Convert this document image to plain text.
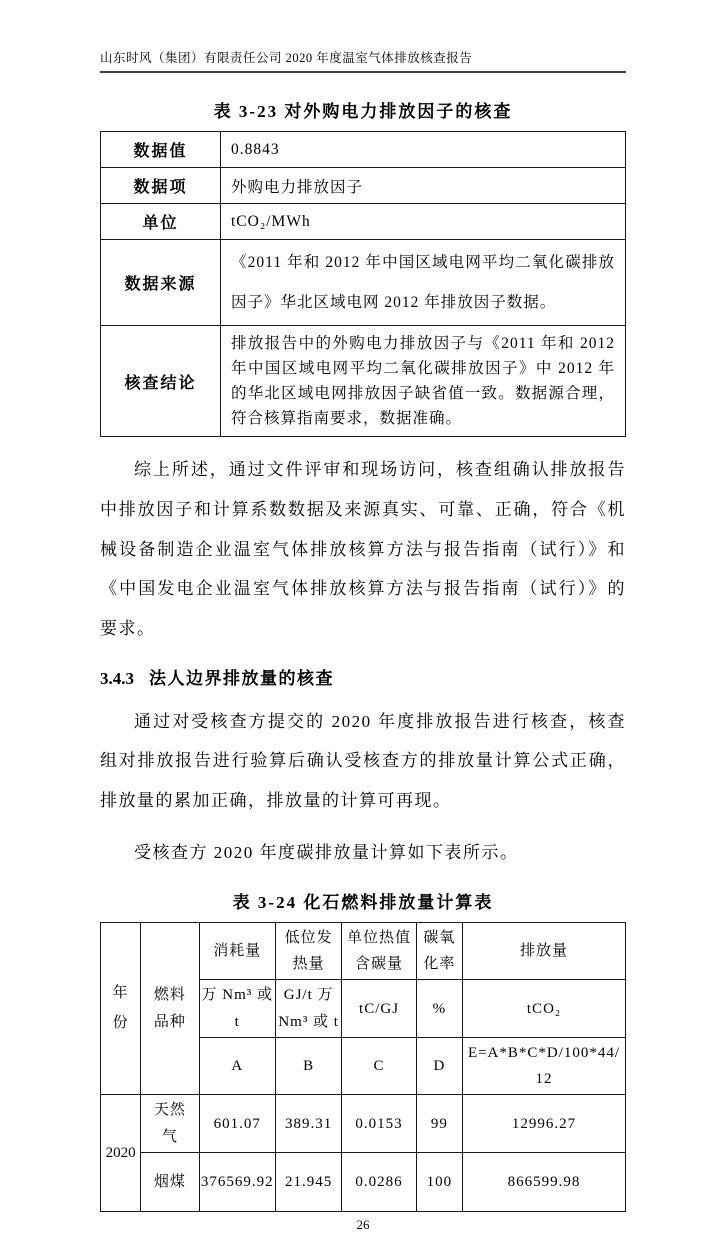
山东时风（集团）有限责任公司 2020 年度温室气体排放核查报告
表 3-23 对外购电力排放因子的核查
数据值	0.8843
数据项	外购电力排放因子
单位	tCO₂/MWh
数据来源	《2011 年和 2012 年中国区域电网平均二氧化碳排放因子》华北区域电网 2012 年排放因子数据。
核查结论	排放报告中的外购电力排放因子与《2011 年和 2012 年中国区域电网平均二氧化碳排放因子》中 2012 年的华北区域电网排放因子缺省值一致。数据源合理，符合核算指南要求，数据准确。

综上所述，通过文件评审和现场访问，核查组确认排放报告中排放因子和计算系数数据及来源真实、可靠、正确，符合《机械设备制造企业温室气体排放核算方法与报告指南（试行）》和《中国发电企业温室气体排放核算方法与报告指南（试行）》的要求。

3.4.3 法人边界排放量的核查

通过对受核查方提交的 2020 年度排放报告进行核查，核查组对排放报告进行验算后确认受核查方的排放量计算公式正确，排放量的累加正确，排放量的计算可再现。

受核查方 2020 年度碳排放量计算如下表所示。

表 3-24 化石燃料排放量计算表
年份	燃料品种	消耗量	低位发热量	单位热值含碳量	碳氧化率	排放量
		万 Nm³ 或 t	GJ/t 万 Nm³ 或 t	tC/GJ	%	tCO₂
		A	B	C	D	E=A*B*C*D/100*44/12
2020	天然气	601.07	389.31	0.0153	99	12996.27
	烟煤	376569.92	21.945	0.0286	100	866599.98
26
